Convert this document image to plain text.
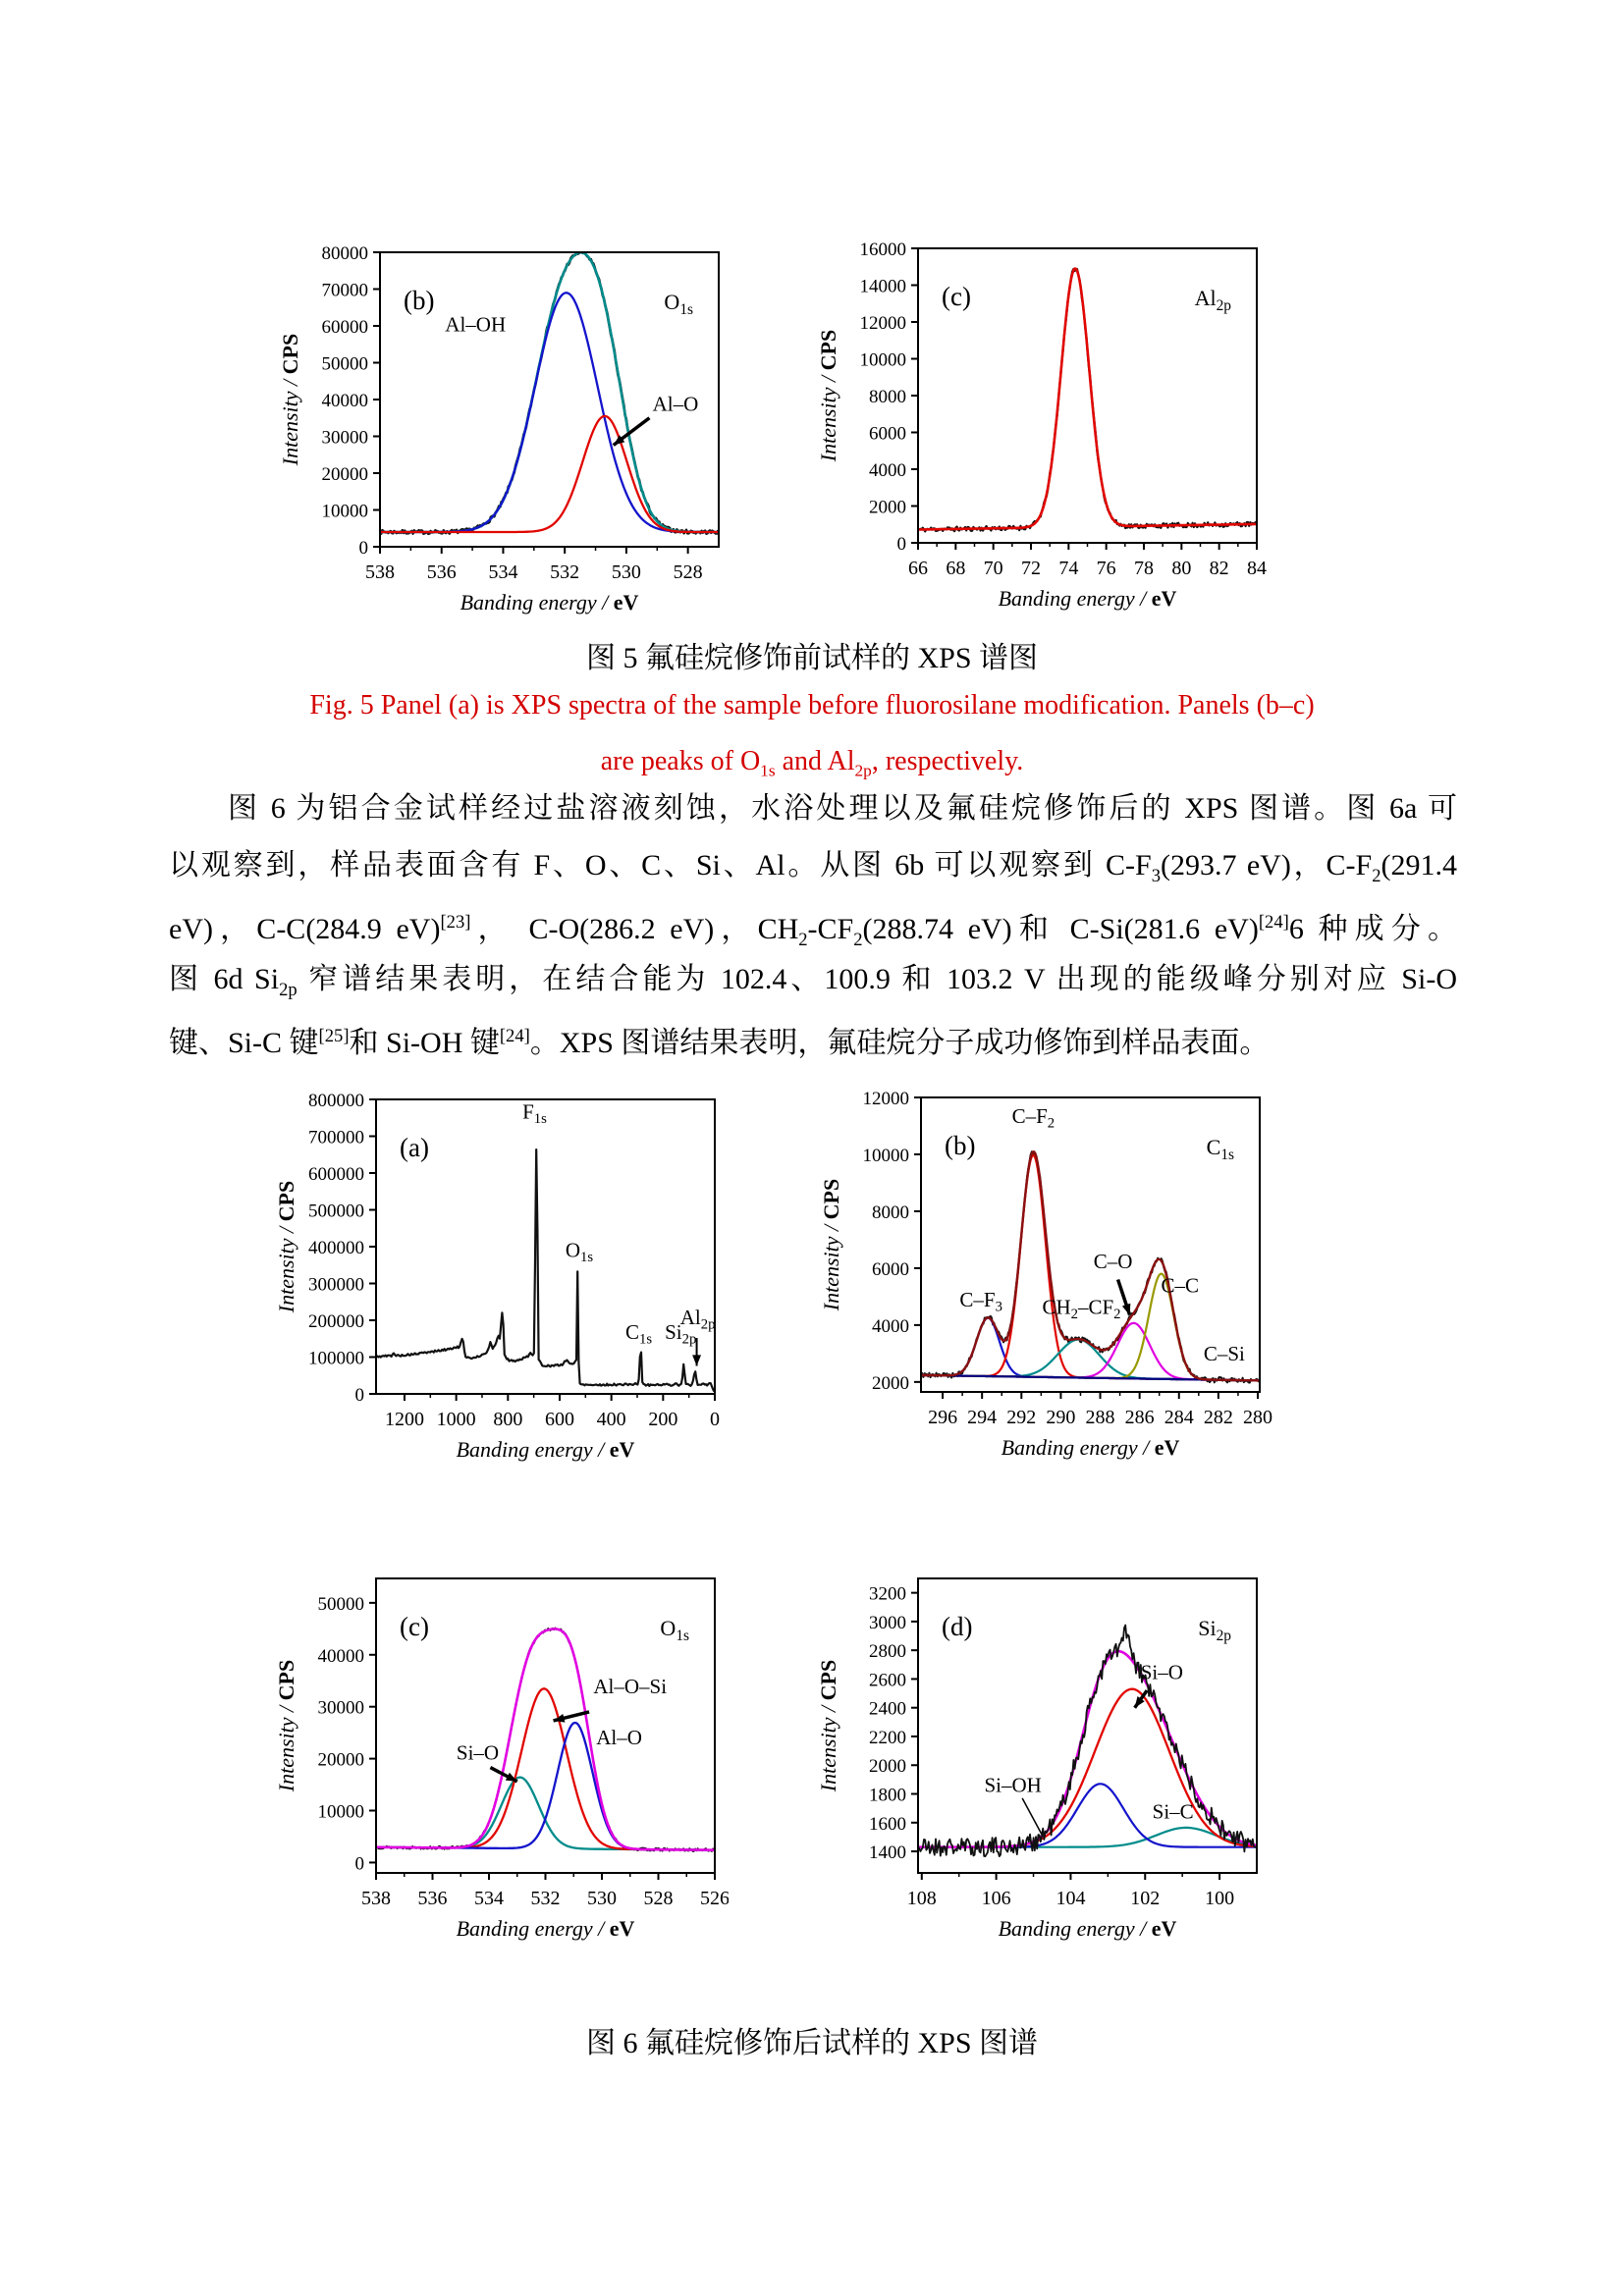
538 536 534 532 530 528
0
10000
20000
30000
40000
50000
60000
70000
80000
Banding energy / eV
Intensity / CPS
(b)	$O_{1s}$
Al–OH
Al–O
66 68 70 72 74 76 78 80 82 84
0
2000
4000
6000
8000
10000
12000
14000
16000
Banding energy / eV
Intensity / CPS
(c)	$Al_{2p}$
图 5 氟硅烷修饰前试样的 XPS 谱图
Fig. 5 Panel (a) is XPS spectra of the sample before fluorosilane modification. Panels (b–c)
are peaks of $O_{1s}$ and $Al_{2p}$, respectively.
图 6 为铝合金试样经过盐溶液刻蚀，水浴处理以及氟硅烷修饰后的 XPS 图谱。图 6a 可
以观察到，样品表面含有 F、O、C、Si、Al。从图 6b 可以观察到 $C-F_3(293.7$ eV)，$C-F_2(291.4$
eV)，C-C(284.9 eV)[23]， C-O(286.2 eV)，$CH_2-CF_2(288.74$ eV)和 C-Si(281.6 eV)[24]6 种成分。
图 6d $Si_{2p}$ 窄谱结果表明，在结合能为 102.4、100.9 和 103.2 V 出现的能级峰分别对应 Si-O
键、Si-C 键[25]和 Si-OH 键[24]。XPS 图谱结果表明，氟硅烷分子成功修饰到样品表面。
1200 1000 800 600 400 200 0
0
100000
200000
300000
400000
500000
600000
700000
800000
Banding energy / eV
Intensity / CPS
(a)
$F_{1s}$
$O_{1s}$
$C_{1s}$ $Si_{2p}$
$Al_{2p}$
296 294 292 290 288 286 284 282 280
2000
4000
6000
8000
10000
12000
Banding energy / eV
Intensity / CPS
(b)	$C_{1s}$
$C-F_3$
$C-F_2$
$CH_2-CF_2$
C–O
C–C
C–Si
538 536 534 532 530 528 526
0
10000
20000
30000
40000
50000
Banding energy / eV
Intensity / CPS
(c)	$O_{1s}$
Si–O
Al–O–Si
Al–O
108 106 104 102 100
1400
1600
1800
2000
2200
2400
2600
2800
3000
3200
Banding energy / eV
Intensity / CPS
(d)	$Si_{2p}$
Si–O
Si–OH
Si–C
图 6 氟硅烷修饰后试样的 XPS 图谱
